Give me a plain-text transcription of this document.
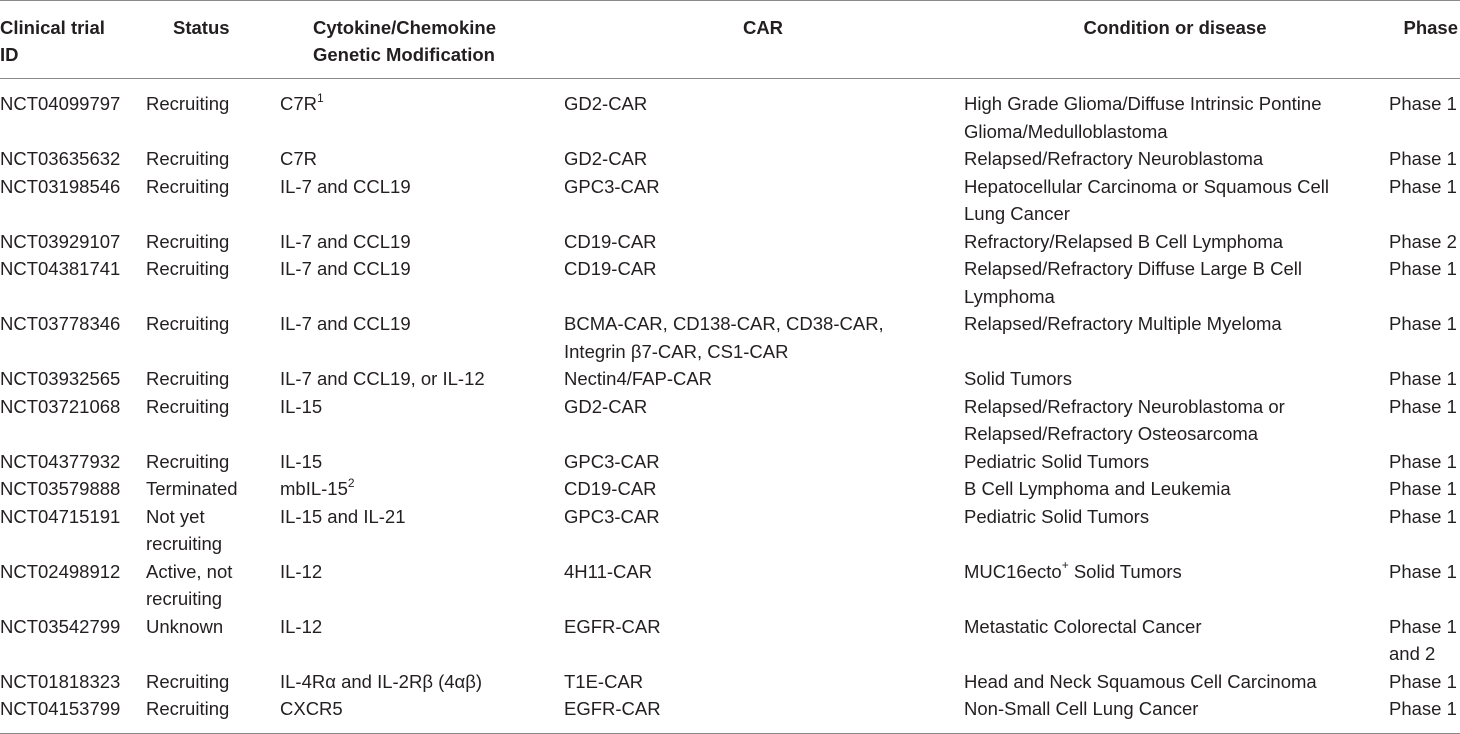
Clinical trial
ID	Status	Cytokine/Chemokine
Genetic Modification	CAR	Condition or disease	Phase
NCT04099797	Recruiting	$C7R^1$	GD2-CAR	High Grade Glioma/Diffuse Intrinsic Pontine
Glioma/Medulloblastoma	Phase 1
NCT03635632	Recruiting	C7R	GD2-CAR	Relapsed/Refractory Neuroblastoma	Phase 1
NCT03198546	Recruiting	IL-7 and CCL19	GPC3-CAR	Hepatocellular Carcinoma or Squamous Cell
Lung Cancer	Phase 1
NCT03929107	Recruiting	IL-7 and CCL19	CD19-CAR	Refractory/Relapsed B Cell Lymphoma	Phase 2
NCT04381741	Recruiting	IL-7 and CCL19	CD19-CAR	Relapsed/Refractory Diffuse Large B Cell
Lymphoma	Phase 1
NCT03778346	Recruiting	IL-7 and CCL19	BCMA-CAR, CD138-CAR, CD38-CAR,
Integrin β7-CAR, CS1-CAR	Relapsed/Refractory Multiple Myeloma	Phase 1
NCT03932565	Recruiting	IL-7 and CCL19, or IL-12	Nectin4/FAP-CAR	Solid Tumors	Phase 1
NCT03721068	Recruiting	IL-15	GD2-CAR	Relapsed/Refractory Neuroblastoma or
Relapsed/Refractory Osteosarcoma	Phase 1
NCT04377932	Recruiting	IL-15	GPC3-CAR	Pediatric Solid Tumors	Phase 1
NCT03579888	Terminated	mbIL-$15^2$	CD19-CAR	B Cell Lymphoma and Leukemia	Phase 1
NCT04715191	Not yet
recruiting	IL-15 and IL-21	GPC3-CAR	Pediatric Solid Tumors	Phase 1
NCT02498912	Active, not
recruiting	IL-12	4H11-CAR	MUC16ecto+ Solid Tumors	Phase 1
NCT03542799	Unknown	IL-12	EGFR-CAR	Metastatic Colorectal Cancer	Phase 1
and 2
NCT01818323	Recruiting	IL-4Rα and IL-2Rβ (4αβ)	T1E-CAR	Head and Neck Squamous Cell Carcinoma	Phase 1
NCT04153799	Recruiting	CXCR5	EGFR-CAR	Non-Small Cell Lung Cancer	Phase 1
